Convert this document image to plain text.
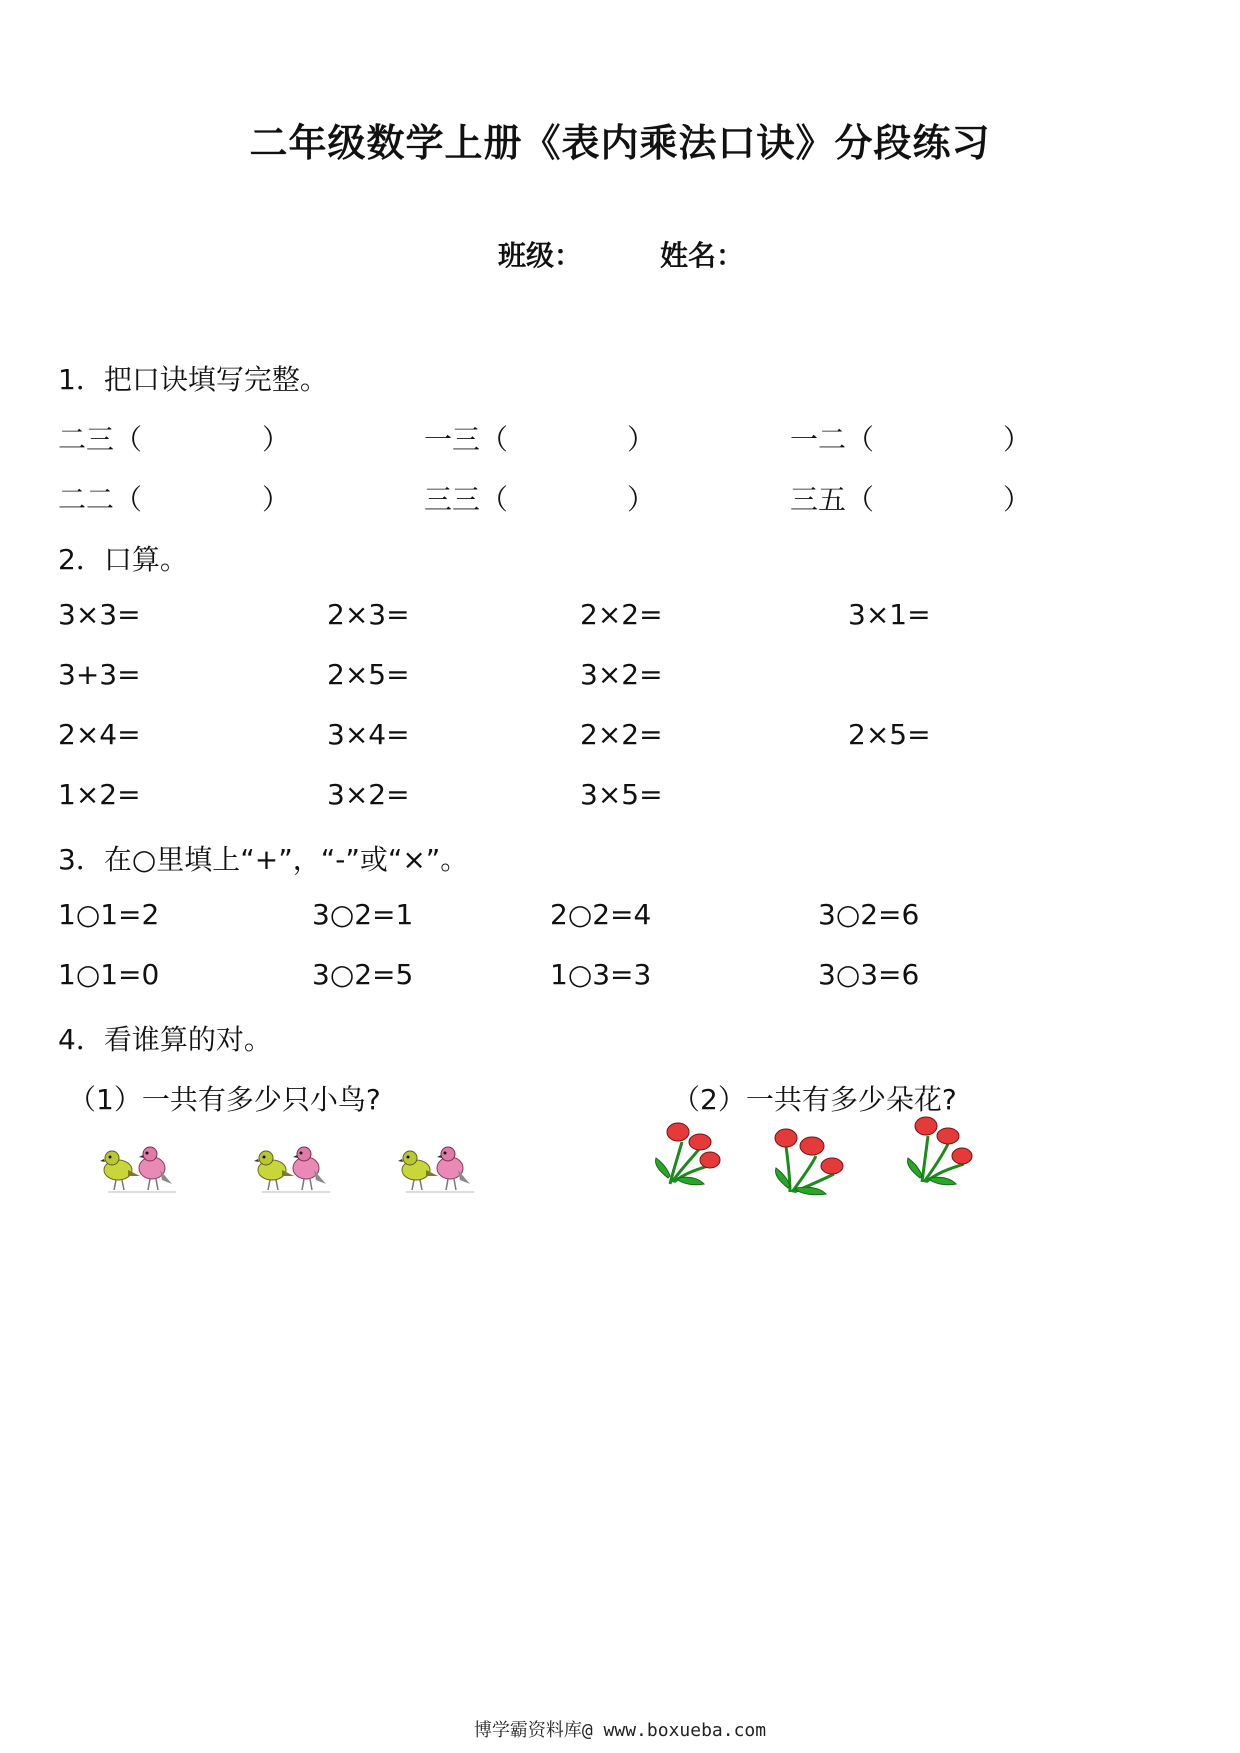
二年级数学上册《表内乘法口诀》分段练习
班级：	姓名：
1．把口诀填写完整。
二三（	）	一三（	）	一二（	）
二二（	）	三三（	）	三五（	）
2．口算。
3×3=	2×3=	2×2=	3×1=
3+3=	2×5=	3×2=
2×4=	3×4=	2×2=	2×5=
1×2=	3×2=	3×5=
3．在○里填上“+”，“-”或“×”。
1○1=2	3○2=1	2○2=4	3○2=6
1○1=0	3○2=5	1○3=3	3○3=6
4．看谁算的对。
（1）一共有多少只小鸟?	（2）一共有多少朵花?
博学霸资料库@ www.boxueba.com
